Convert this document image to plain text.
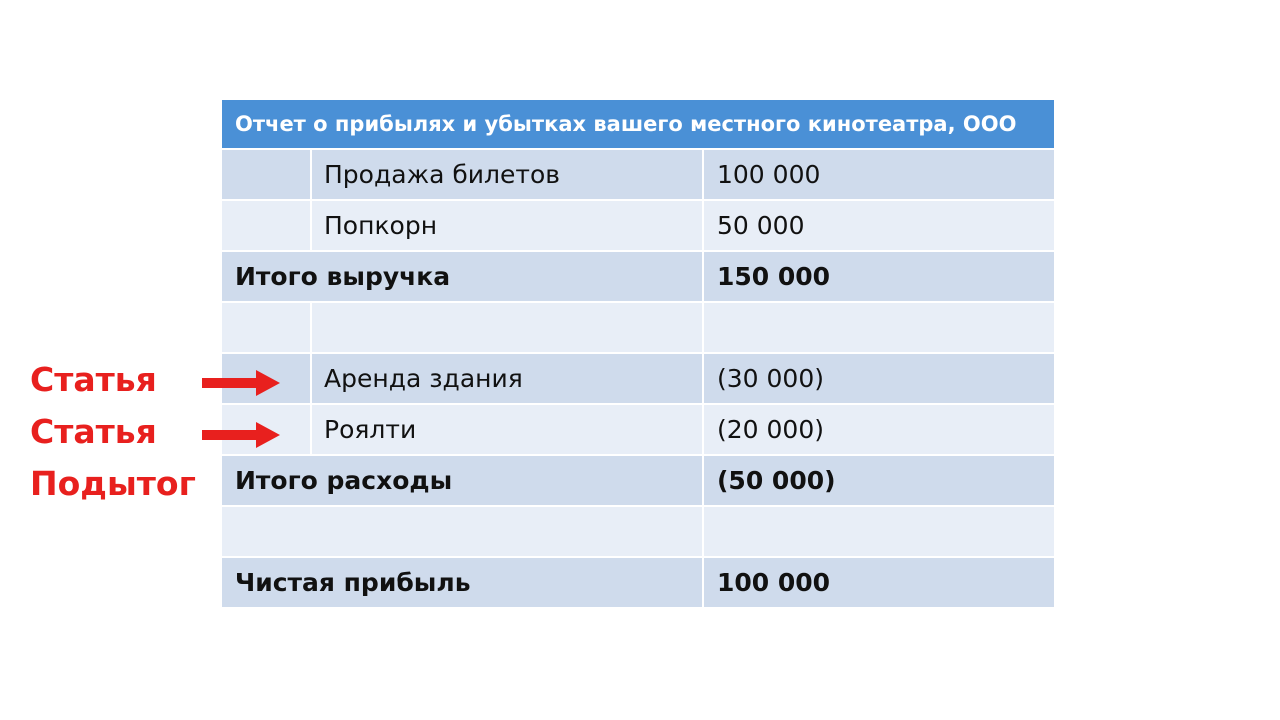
Отчет о прибылях и убытках вашего местного кинотеатра, ООО
Продажа билетов	100 000
Попкорн	50 000
Итого выручка	150 000
Аренда здания	(30 000)
Роялти	(20 000)
Итого расходы	(50 000)
Чистая прибыль	100 000
Статья
Статья
Подытог
